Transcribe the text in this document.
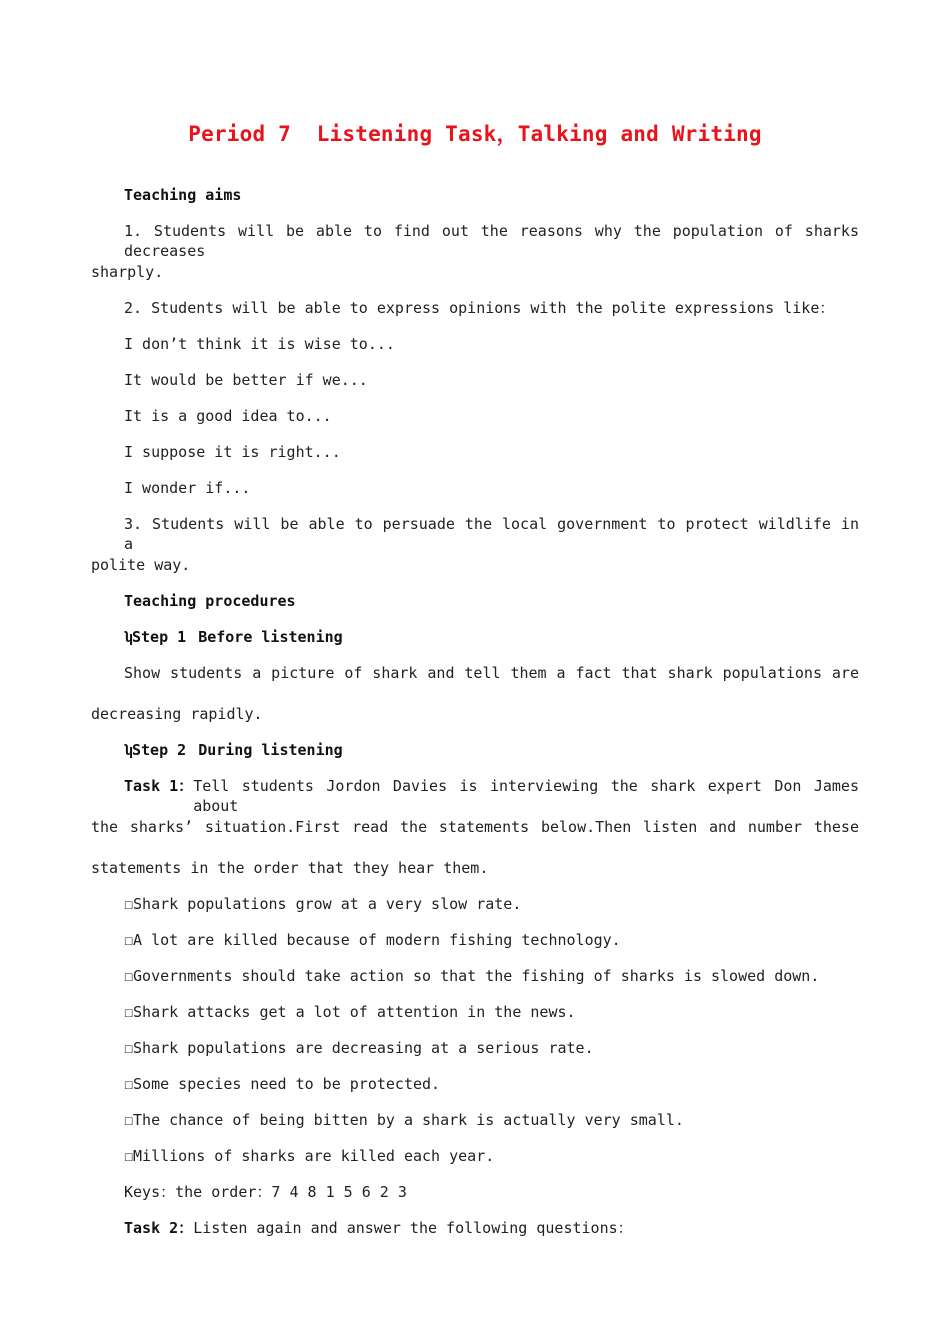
Period 7  Listening Task，Talking and Writing
Teaching aims
1. Students will be able to find out the reasons why the population of sharks decreases
sharply.
2. Students will be able to express opinions with the polite expressions like：
I don’t think it is wise to...
It would be better if we...
It is a good idea to...
I suppose it is right...
I wonder if...
3. Students will be able to persuade the local government to protect wildlife in a
polite way.
Teaching procedures
ʮStep 1 Before listening
Show students a picture of shark and tell them a fact that shark populations are
decreasing rapidly.
ʮStep 2 During listening
Task 1： Tell students Jordon Davies is interviewing the shark expert Don James about
the sharks’ situation.First read the statements below.Then listen and number these
statements in the order that they hear them.
☐Shark populations grow at a very slow rate.
☐A lot are killed because of modern fishing technology.
☐Governments should take action so that the fishing of sharks is slowed down.
☐Shark attacks get a lot of attention in the news.
☐Shark populations are decreasing at a serious rate.
☐Some species need to be protected.
☐The chance of being bitten by a shark is actually very small.
☐Millions of sharks are killed each year.
Keys：the order：7 4 8 1 5 6 2 3
Task 2：Listen again and answer the following questions：
